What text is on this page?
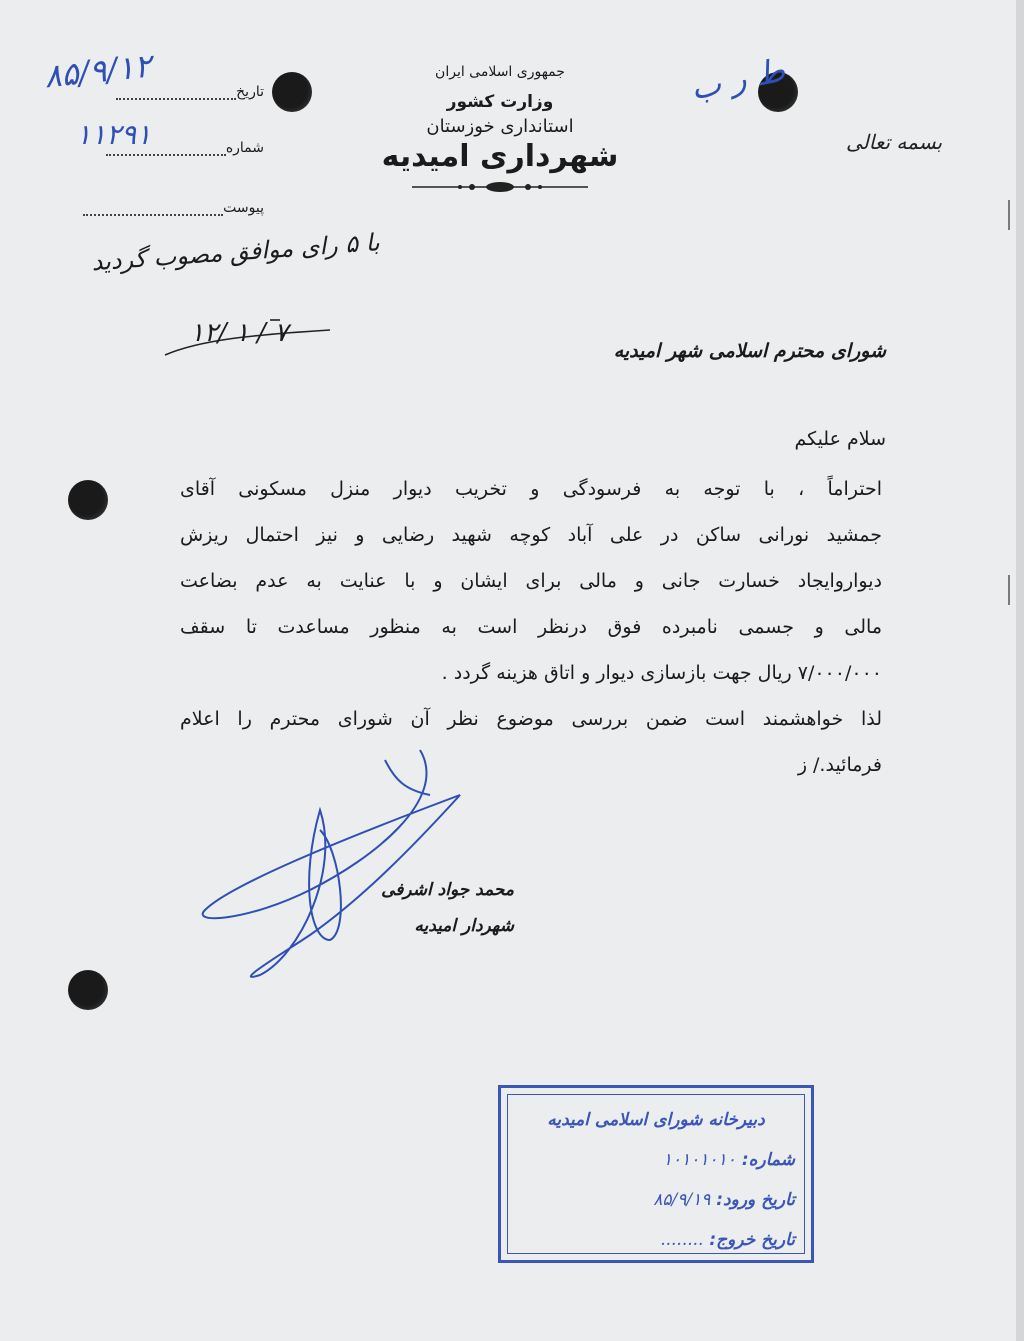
جمهوری اسلامی ایران
وزارت کشور
استانداری خوزستان
شهرداری امیدیه	بسمه تعالی
ط ر ب
تاریخ
شماره
پیوست
۸۵/۹/۱۲
۱۱۲۹۱
با ۵ رای موافق مصوب گردید
۱۲/ ۱ / ۷
شورای محترم اسلامی شهر امیدیه
سلام علیکم
احتراماً ، با توجه به فرسودگی و تخریب دیوار منزل مسکونی آقای
جمشید نورانی ساکن در علی آباد کوچه شهید رضایی و نیز احتمال ریزش
دیواروایجاد خسارت جانی و مالی برای ایشان و با عنایت به عدم بضاعت
مالی و جسمی نامبرده فوق درنظر است به منظور مساعدت تا سقف
۷/۰۰۰/۰۰۰ ریال جهت بازسازی دیوار و اتاق هزینه گردد .
لذا خواهشمند است ضمن بررسی موضوع نظر آن شورای محترم را اعلام
فرمائید./ ز
محمد جواد اشرفی
شهردار امیدیه
دبیرخانه شورای اسلامی امیدیه
شماره: ۱۰۱۰۱۰۱۰
تاریخ ورود: ۸۵/۹/۱۹
تاریخ خروج: ........
